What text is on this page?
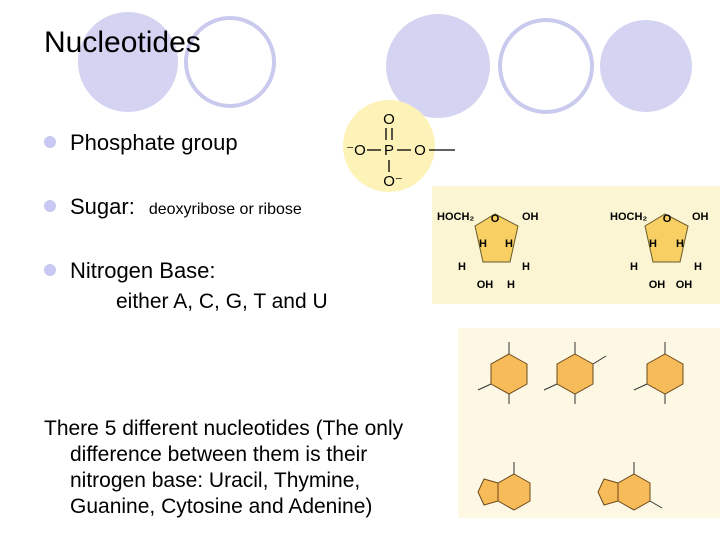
O
⁻O P O
O⁻
HOCH₂ O OH
H H
H	H
OH H
HOCH₂ O OH
H H
H	H
OH OH
Nucleotides
Phosphate group
Sugar: deoxyribose or ribose
Nitrogen Base:
either A, C, G, T and U
There 5 different nucleotides (The only
difference between them is their
nitrogen base: Uracil, Thymine,
Guanine, Cytosine and Adenine)
